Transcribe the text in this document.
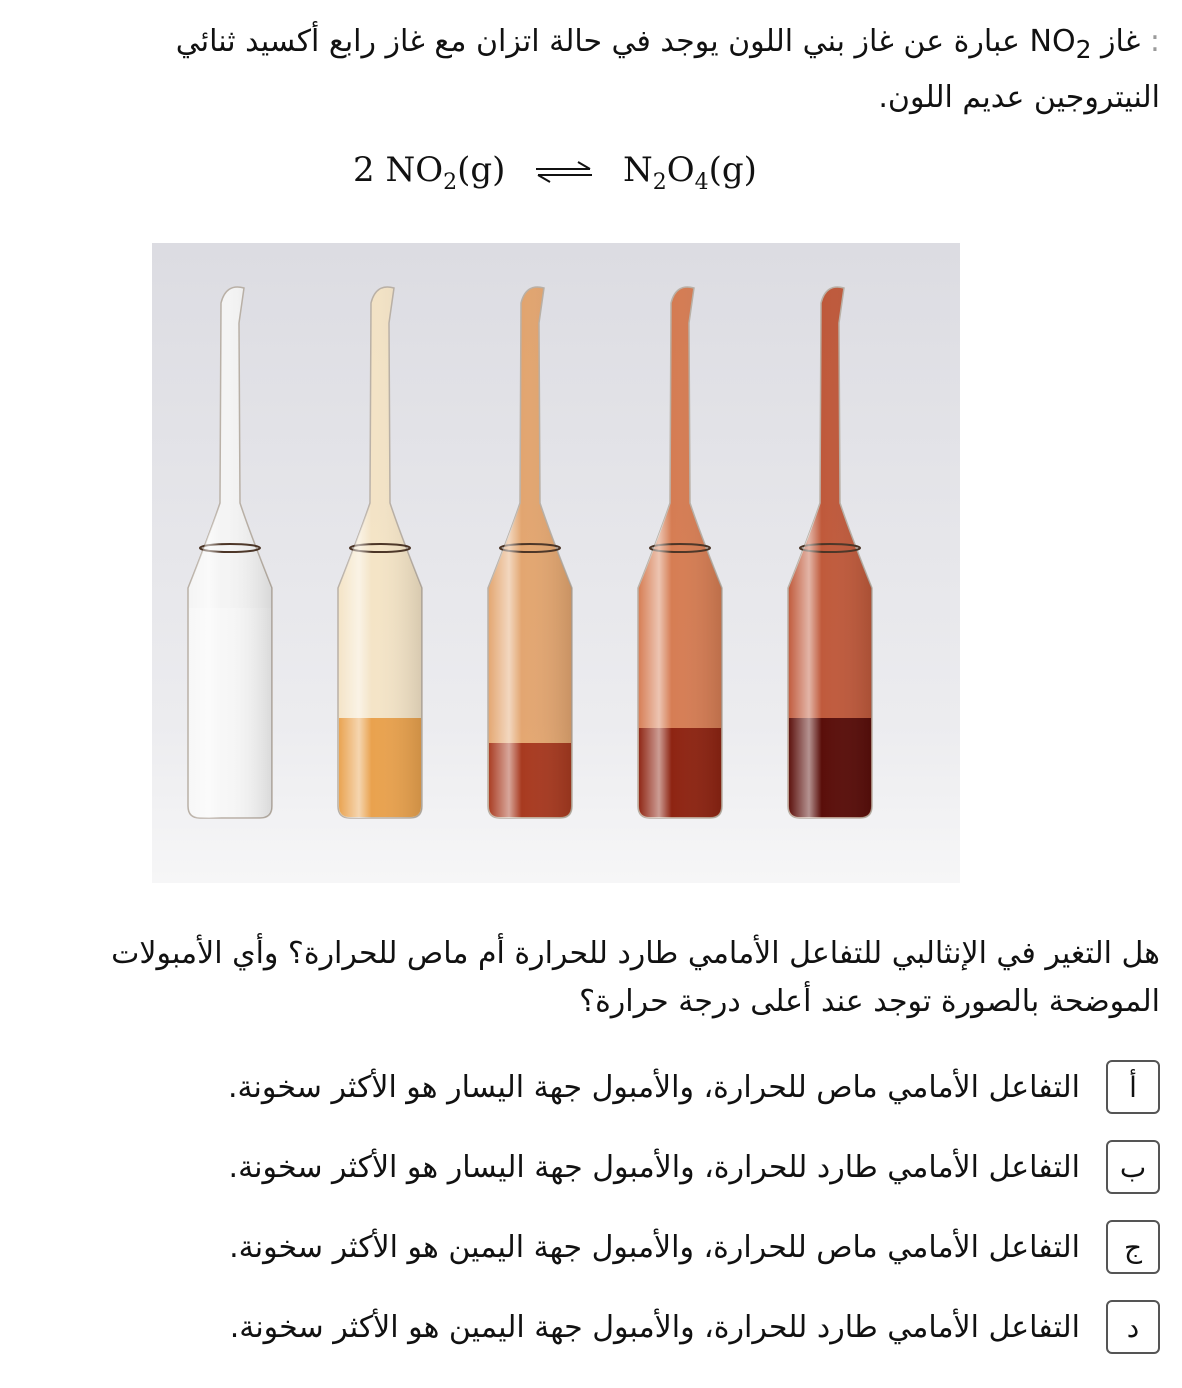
: غاز $NO_2$ عبارة عن غاز بني اللون يوجد في حالة اتزان مع غاز رابع أكسيد ثنائي النيتروجين عديم اللون.
2 $NO_2(g)$ ⇌ $N_2O_4(g)$
هل التغير في الإنثالبي للتفاعل الأمامي طارد للحرارة أم ماص للحرارة؟ وأي الأمبولات الموضحة بالصورة توجد عند أعلى درجة حرارة؟
أ
التفاعل الأمامي ماص للحرارة، والأمبول جهة اليسار هو الأكثر سخونة.
ب
التفاعل الأمامي طارد للحرارة، والأمبول جهة اليسار هو الأكثر سخونة.
ج
التفاعل الأمامي ماص للحرارة، والأمبول جهة اليمين هو الأكثر سخونة.
د
التفاعل الأمامي طارد للحرارة، والأمبول جهة اليمين هو الأكثر سخونة.
